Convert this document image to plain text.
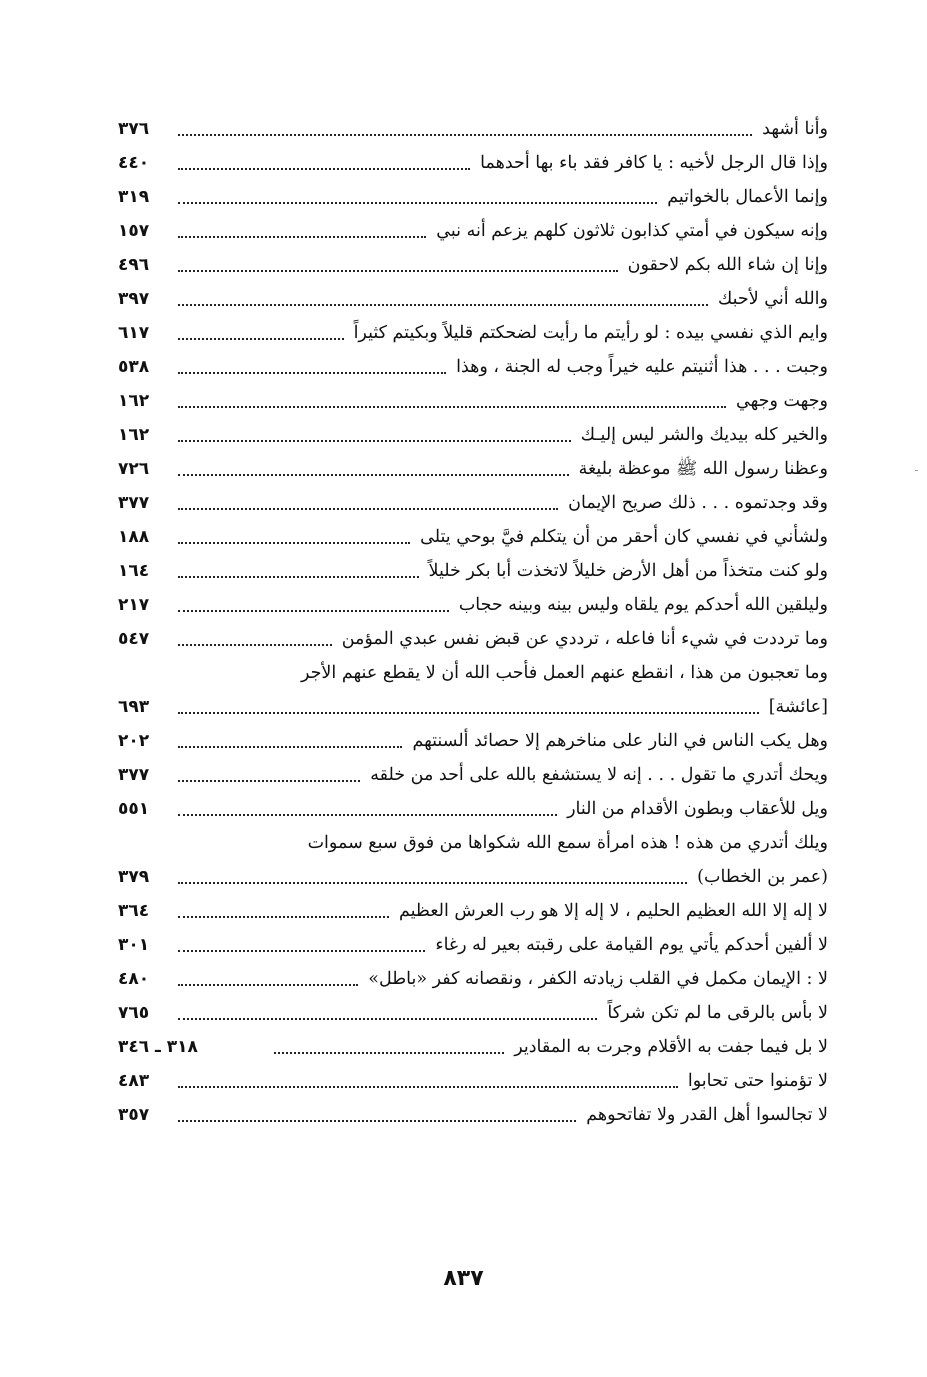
وأنا أشهد
٣٧٦
وإذا قال الرجل لأخيه : يا كافر فقد باء بها أحدهما
٤٤٠
وإنما الأعمال بالخواتيم
٣١٩
وإنه سيكون في أمتي كذابون ثلاثون كلهم يزعم أنه نبي
١٥٧
وإنا إن شاء الله بكم لاحقون
٤٩٦
والله أني لأحبك
٣٩٧
وايم الذي نفسي بيده : لو رأيتم ما رأيت لضحكتم قليلاً وبكيتم كثيراً
٦١٧
وجبت . . . هذا أثنيتم عليه خيراً وجب له الجنة ، وهذا
٥٣٨
وجهت وجهي
١٦٢
والخير كله بيديك والشر ليس إليـك
١٦٢
وعظنا رسول الله ﷺ موعظة بليغة
٧٢٦
وقد وجدتموه . . . ذلك صريح الإيمان
٣٧٧
ولشأني في نفسي كان أحقر من أن يتكلم فيَّ بوحي يتلى
١٨٨
ولو كنت متخذاً من أهل الأرض خليلاً لاتخذت أبا بكر خليلاً
١٦٤
وليلقين الله أحدكم يوم يلقاه وليس بينه وبينه حجاب
٢١٧
وما ترددت في شيء أنا فاعله ، ترددي عن قبض نفس عبدي المؤمن
٥٤٧
وما تعجبون من هذا ، انقطع عنهم العمل فأحب الله أن لا يقطع عنهم الأجر
[عائشة]
٦٩٣
وهل يكب الناس في النار على مناخرهم إلا حصائد ألسنتهم
٢٠٢
ويحك أتدري ما تقول . . . إنه لا يستشفع بالله على أحد من خلقه
٣٧٧
ويل للأعقاب وبطون الأقدام من النار
٥٥١
ويلك أتدري من هذه ! هذه امرأة سمع الله شكواها من فوق سبع سموات
(عمر بن الخطاب)
٣٧٩
لا إله إلا الله العظيم الحليم ، لا إله إلا هو رب العرش العظيم
٣٦٤
لا ألفين أحدكم يأتي يوم القيامة على رقبته بعير له رغاء
٣٠١
لا : الإيمان مكمل في القلب زيادته الكفر ، ونقصانه كفر «باطل»
٤٨٠
لا بأس بالرقى ما لم تكن شركاً
٧٦٥
لا بل فيما جفت به الأقلام وجرت به المقادير
٣١٨ ـ ٣٤٦
لا تؤمنوا حتى تحابوا
٤٨٣
لا تجالسوا أهل القدر ولا تفاتحوهم
٣٥٧
٨٣٧
